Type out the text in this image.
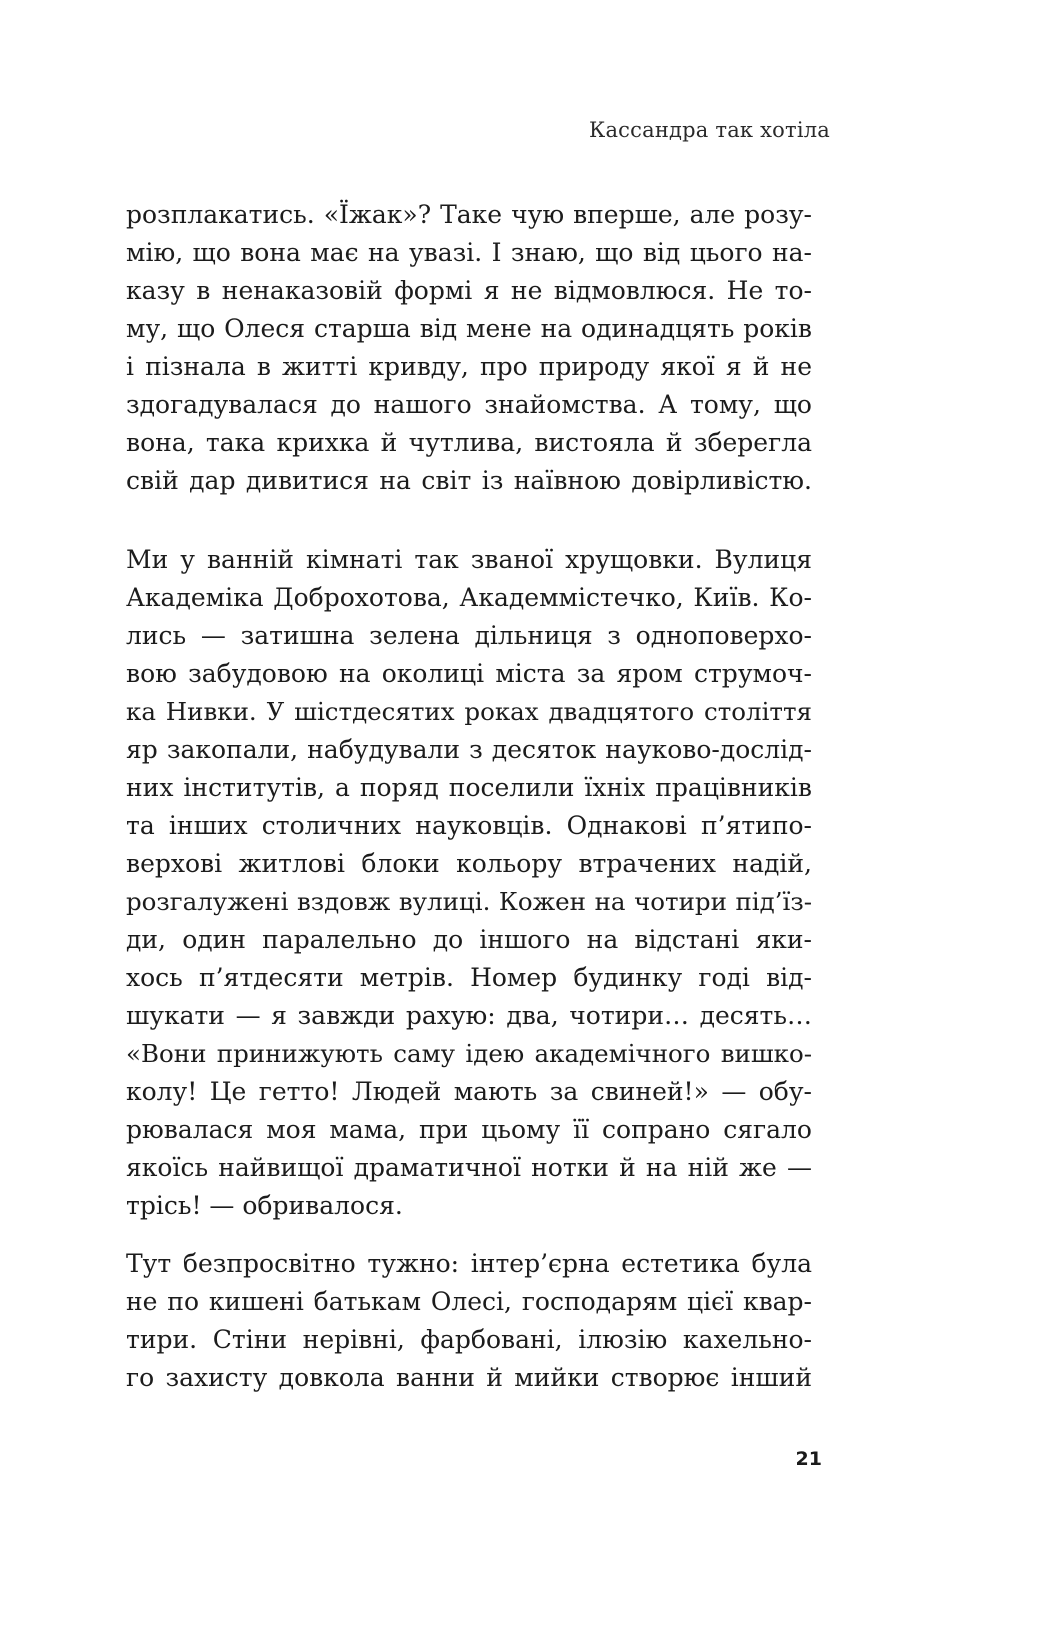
Кассандра так хотіла
розплакатись. «Їжак»? Таке чую вперше, але розу-
мію, що вона має на увазі. І знаю, що від цього на-
казу в ненаказовій формі я не відмовлюся. Не то-
му, що Олеся старша від мене на одинадцять років
і пізнала в житті кривду, про природу якої я й не
здогадувалася до нашого знайомства. А тому, що
вона, така крихка й чутлива, вистояла й зберегла
свій дар дивитися на світ із наївною довірливістю.
Ми у ванній кімнаті так званої хрущовки. Вулиця
Академіка Доброхотова, Академмістечко, Київ. Ко-
лись — затишна зелена дільниця з одноповерхо-
вою забудовою на околиці міста за яром струмоч-
ка Нивки. У шістдесятих роках двадцятого століття
яр закопали, набудували з десяток науково-дослід-
них інститутів, а поряд поселили їхніх працівників
та інших столичних науковців. Однакові п’ятипо-
верхові житлові блоки кольору втрачених надій,
розгалужені вздовж вулиці. Кожен на чотири під’їз-
ди, один паралельно до іншого на відстані яки-
хось п’ятдесяти метрів. Номер будинку годі від-
шукати — я завжди рахую: два, чотири… десять…
«Вони принижують саму ідею академічного вишко-
колу! Це гетто! Людей мають за свиней!» — обу-
рювалася моя мама, при цьому її сопрано сягало
якоїсь найвищої драматичної нотки й на ній же —
трісь! — обривалося.
Тут безпросвітно тужно: інтер’єрна естетика була
не по кишені батькам Олесі, господарям цієї квар-
тири. Стіни нерівні, фарбовані, ілюзію кахельно-
го захисту довкола ванни й мийки створює інший
21
